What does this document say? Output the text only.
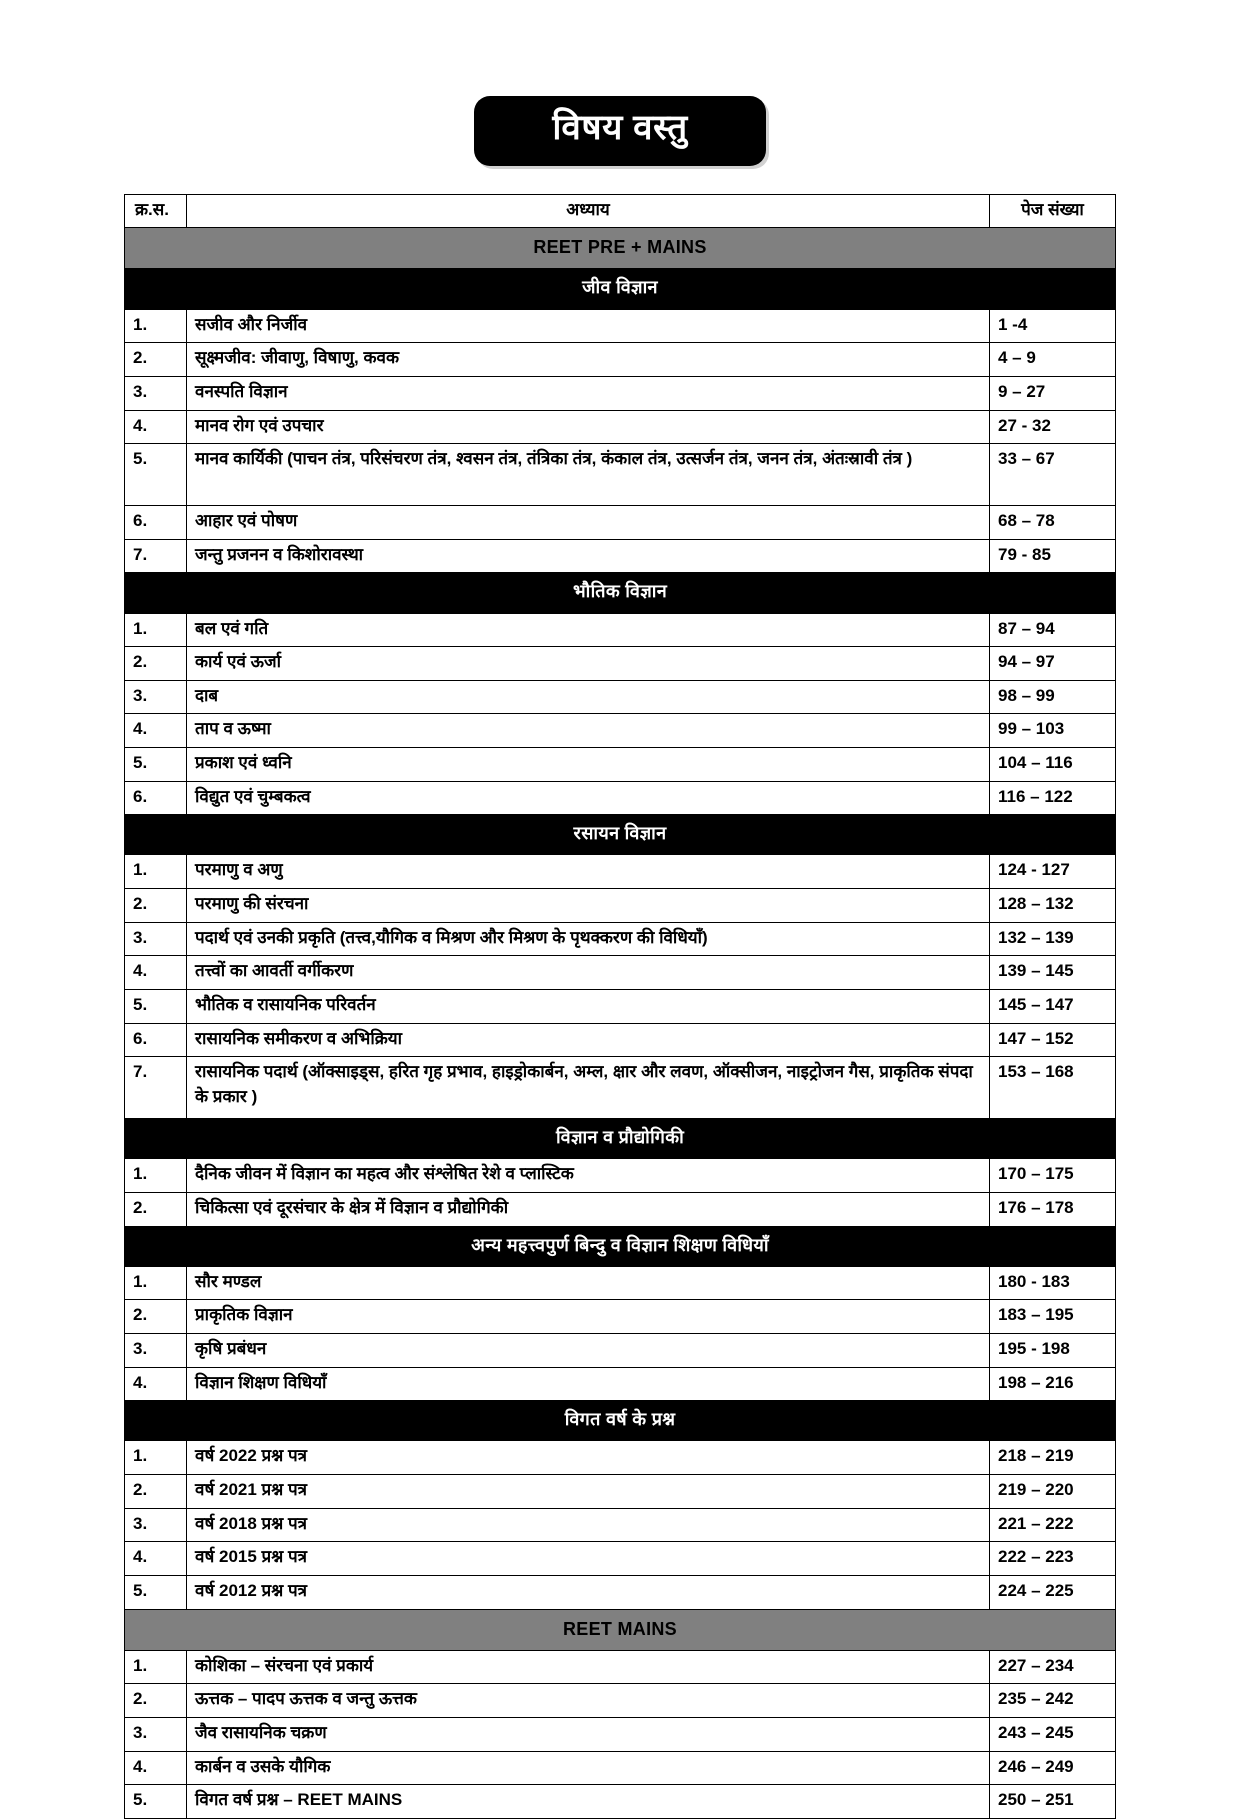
विषय वस्तु
क्र.स.	अध्याय	पेज संख्या
REET PRE + MAINS		
जीव विज्ञान		
1.	सजीव और निर्जीव	1 -4
2.	सूक्ष्मजीव: जीवाणु, विषाणु, कवक	4 – 9
3.	वनस्पति विज्ञान	9 – 27
4.	मानव रोग एवं उपचार	27 - 32
5.	मानव कार्यिकी (पाचन तंत्र, परिसंचरण तंत्र, श्वसन तंत्र, तंत्रिका तंत्र, कंकाल तंत्र, उत्सर्जन तंत्र, जनन तंत्र, अंतःस्रावी तंत्र )	33 – 67
6.	आहार एवं पोषण	68 – 78
7.	जन्तु प्रजनन व किशोरावस्था	79 - 85
भौतिक विज्ञान		
1.	बल एवं गति	87 – 94
2.	कार्य एवं ऊर्जा	94 – 97
3.	दाब	98 – 99
4.	ताप व ऊष्मा	99 – 103
5.	प्रकाश एवं ध्वनि	104 – 116
6.	विद्युत एवं चुम्बकत्व	116 – 122
रसायन विज्ञान		
1.	परमाणु व अणु	124 - 127
2.	परमाणु की संरचना	128 – 132
3.	पदार्थ एवं उनकी प्रकृति (तत्त्व,यौगिक व मिश्रण और मिश्रण के पृथक्करण की विधियाँ)	132 – 139
4.	तत्त्वों का आवर्ती वर्गीकरण	139 – 145
5.	भौतिक व रासायनिक परिवर्तन	145 – 147
6.	रासायनिक समीकरण व अभिक्रिया	147 – 152
7.	रासायनिक पदार्थ (ऑक्साइड्स, हरित गृह प्रभाव, हाइड्रोकार्बन, अम्ल, क्षार और लवण, ऑक्सीजन, नाइट्रोजन गैस, प्राकृतिक संपदा के प्रकार )	153 – 168
विज्ञान व प्रौद्योगिकी		
1.	दैनिक जीवन में विज्ञान का महत्व और संश्लेषित रेशे व प्लास्टिक	170 – 175
2.	चिकित्सा एवं दूरसंचार के क्षेत्र में विज्ञान व प्रौद्योगिकी	176 – 178
अन्य महत्त्वपुर्ण बिन्दु व विज्ञान शिक्षण विधियाँ		
1.	सौर मण्डल	180 - 183
2.	प्राकृतिक विज्ञान	183 – 195
3.	कृषि प्रबंधन	195 - 198
4.	विज्ञान शिक्षण विधियाँ	198 – 216
विगत वर्ष के प्रश्न		
1.	वर्ष 2022 प्रश्न पत्र	218 – 219
2.	वर्ष 2021 प्रश्न पत्र	219 – 220
3.	वर्ष 2018 प्रश्न पत्र	221 – 222
4.	वर्ष 2015 प्रश्न पत्र	222 – 223
5.	वर्ष 2012 प्रश्न पत्र	224 – 225
REET MAINS		
1.	कोशिका – संरचना एवं प्रकार्य	227 – 234
2.	ऊत्तक – पादप ऊत्तक व जन्तु ऊत्तक	235 – 242
3.	जैव रासायनिक चक्रण	243 – 245
4.	कार्बन व उसके यौगिक	246 – 249
5.	विगत वर्ष प्रश्न – REET MAINS	250 – 251
